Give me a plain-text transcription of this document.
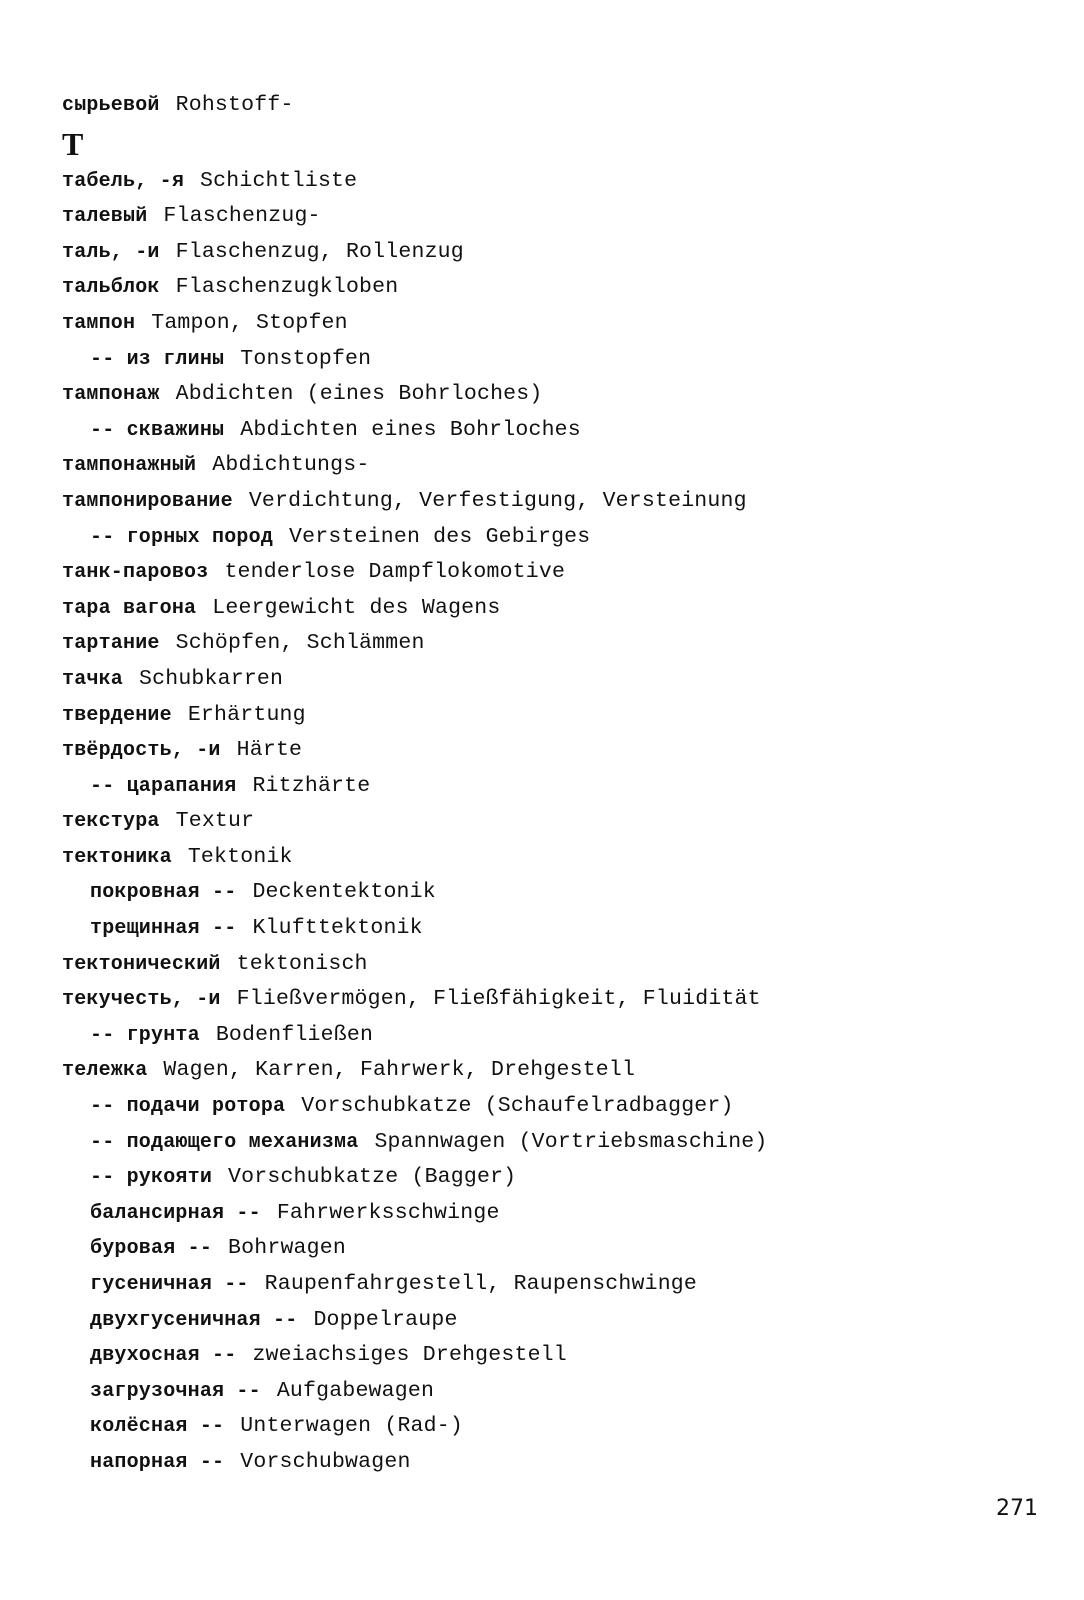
сырьевой Rohstoff-
Т
табель, -я Schichtliste
талевый Flaschenzug-
таль, -и Flaschenzug, Rollenzug
тальблок Flaschenzugkloben
тампон Tampon, Stopfen
-- из глины Tonstopfen
тампонаж Abdichten (eines Bohrloches)
-- скважины Abdichten eines Bohrloches
тампонажный Abdichtungs-
тампонирование Verdichtung, Verfestigung, Versteinung
-- горных пород Versteinen des Gebirges
танк-паровоз tenderlose Dampflokomotive
тара вагона Leergewicht des Wagens
тартание Schöpfen, Schlämmen
тачка Schubkarren
твердение Erhärtung
твёрдость, -и Härte
-- царапания Ritzhärte
текстура Textur
тектоника Tektonik
покровная -- Deckentektonik
трещинная -- Klufttektonik
тектонический tektonisch
текучесть, -и Fließvermögen, Fließfähigkeit, Fluidität
-- грунта Bodenfließen
тележка Wagen, Karren, Fahrwerk, Drehgestell
-- подачи ротора Vorschubkatze (Schaufelradbagger)
-- подающего механизма Spannwagen (Vortriebsmaschine)
-- рукояти Vorschubkatze (Bagger)
балансирная -- Fahrwerksschwinge
буровая -- Bohrwagen
гусеничная -- Raupenfahrgestell, Raupenschwinge
двухгусеничная -- Doppelraupe
двухосная -- zweiachsiges Drehgestell
загрузочная -- Aufgabewagen
колёсная -- Unterwagen (Rad-)
напорная -- Vorschubwagen
271
